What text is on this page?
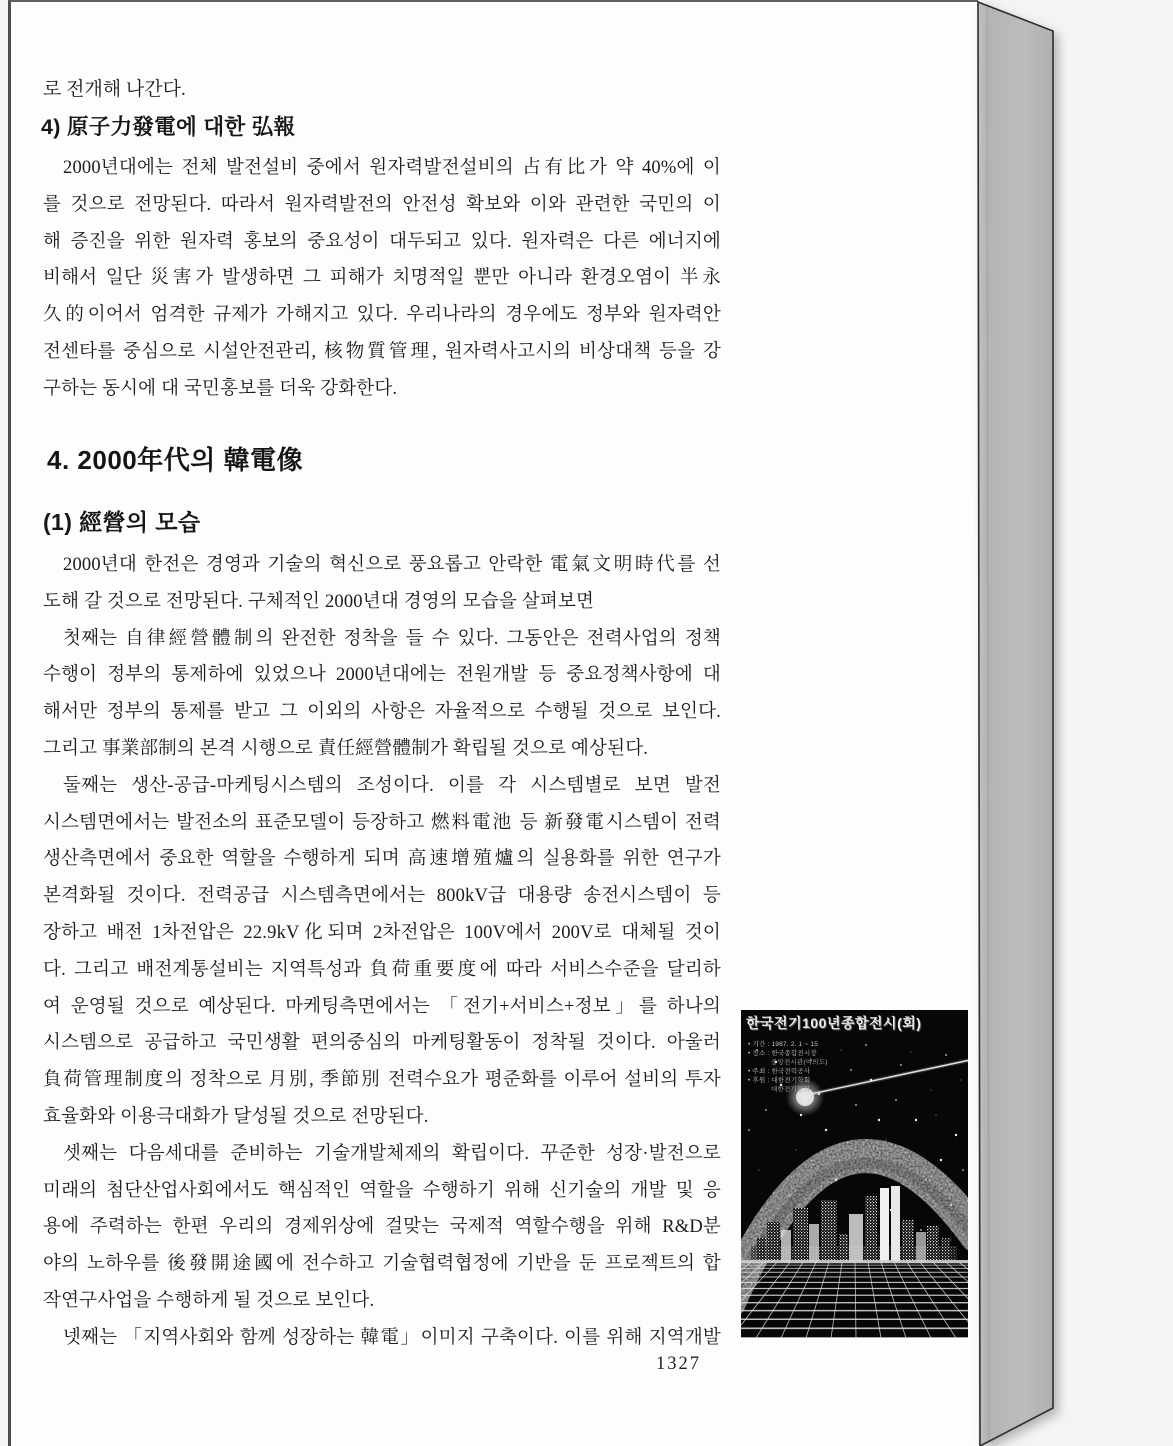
로 전개해 나간다.
4) 原子力發電에 대한 弘報
2000년대에는 전체 발전설비 중에서 원자력발전설비의 占有比가 약 40%에 이
를 것으로 전망된다. 따라서 원자력발전의 안전성 확보와 이와 관련한 국민의 이
해 증진을 위한 원자력 홍보의 중요성이 대두되고 있다. 원자력은 다른 에너지에
비해서 일단 災害가 발생하면 그 피해가 치명적일 뿐만 아니라 환경오염이 半永
久的이어서 엄격한 규제가 가해지고 있다. 우리나라의 경우에도 정부와 원자력안
전센타를 중심으로 시설안전관리, 核物質管理, 원자력사고시의 비상대책 등을 강
구하는 동시에 대 국민홍보를 더욱 강화한다.
4. 2000年代의 韓電像
(1) 經營의 모습
2000년대 한전은 경영과 기술의 혁신으로 풍요롭고 안락한 電氣文明時代를 선
도해 갈 것으로 전망된다. 구체적인 2000년대 경영의 모습을 살펴보면
첫째는 自律經營體制의 완전한 정착을 들 수 있다. 그동안은 전력사업의 정책
수행이 정부의 통제하에 있었으나 2000년대에는 전원개발 등 중요정책사항에 대
해서만 정부의 통제를 받고 그 이외의 사항은 자율적으로 수행될 것으로 보인다.
그리고 事業部制의 본격 시행으로 責任經營體制가 확립될 것으로 예상된다.
둘째는 생산-공급-마케팅시스템의 조성이다. 이를 각 시스템별로 보면 발전
시스템면에서는 발전소의 표준모델이 등장하고 燃料電池 등 新發電시스템이 전력
생산측면에서 중요한 역할을 수행하게 되며 高速增殖爐의 실용화를 위한 연구가
본격화될 것이다. 전력공급 시스템측면에서는 800kV급 대용량 송전시스템이 등
장하고 배전 1차전압은 22.9kV化되며 2차전압은 100V에서 200V로 대체될 것이
다. 그리고 배전계통설비는 지역특성과 負荷重要度에 따라 서비스수준을 달리하
여 운영될 것으로 예상된다. 마케팅측면에서는 「전기+서비스+정보」를 하나의
시스템으로 공급하고 국민생활 편의중심의 마케팅활동이 정착될 것이다. 아울러
負荷管理制度의 정착으로 月別, 季節別 전력수요가 평준화를 이루어 설비의 투자
효율화와 이용극대화가 달성될 것으로 전망된다.
셋째는 다음세대를 준비하는 기술개발체제의 확립이다. 꾸준한 성장·발전으로
미래의 첨단산업사회에서도 핵심적인 역할을 수행하기 위해 신기술의 개발 및 응
용에 주력하는 한편 우리의 경제위상에 걸맞는 국제적 역할수행을 위해 R&D분
야의 노하우를 後發開途國에 전수하고 기술협력협정에 기반을 둔 프로젝트의 합
작연구사업을 수행하게 될 것으로 보인다.
넷째는 「지역사회와 함께 성장하는 韓電」이미지 구축이다. 이를 위해 지역개발
1327
한국전기100년종합전시(회)
• 기간 : 1987. 2. 1 ~ 15
• 장소 : 한국종합전시장
중앙전시관(여의도)
• 주최 : 한국전력공사
• 후원 : 대한전기학회
대한전기협회
